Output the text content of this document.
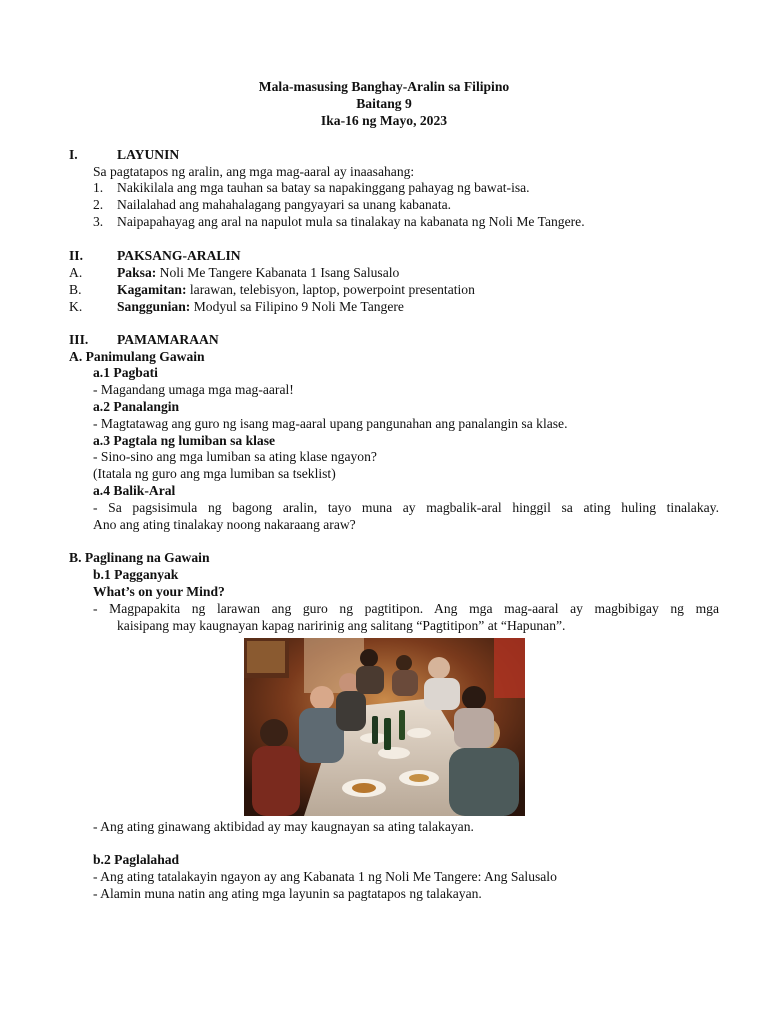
Mala-masusing Banghay-Aralin sa Filipino
Baitang 9
Ika-16 ng Mayo, 2023
I.	LAYUNIN
Sa pagtatapos ng aralin, ang mga mag-aaral ay inaasahang:
1. Nakikilala ang mga tauhan sa batay sa napakinggang pahayag ng bawat-isa.
2. Nailalahad ang mahahalagang pangyayari sa unang kabanata.
3. Naipapahayag ang aral na napulot mula sa tinalakay na kabanata ng Noli Me Tangere.
II.	PAKSANG-ARALIN
A.	Paksa: Noli Me Tangere Kabanata 1 Isang Salusalo
B.	Kagamitan: larawan, telebisyon, laptop, powerpoint presentation
K.	Sanggunian: Modyul sa Filipino 9 Noli Me Tangere
III. PAMAMARAAN
A. Panimulang Gawain
a.1 Pagbati
- Magandang umaga mga mag-aaral!
a.2 Panalangin
- Magtatawag ang guro ng isang mag-aaral upang pangunahan ang panalangin sa klase.
a.3 Pagtala ng lumiban sa klase
- Sino-sino ang mga lumiban sa ating klase ngayon?
(Itatala ng guro ang mga lumiban sa tseklist)
a.4 Balik-Aral
- Sa pagsisimula ng bagong aralin, tayo muna ay magbalik-aral hinggil sa ating huling tinalakay.
Ano ang ating tinalakay noong nakaraang araw?
B. Paglinang na Gawain
b.1 Pagganyak
What’s on your Mind?
- Magpapakita ng larawan ang guro ng pagtitipon. Ang mga mag-aaral ay magbibigay ng mga
kaisipang may kaugnayan kapag naririnig ang salitang “Pagtitipon” at “Hapunan”.
- Ang ating ginawang aktibidad ay may kaugnayan sa ating talakayan.
b.2 Paglalahad
- Ang ating tatalakayin ngayon ay ang Kabanata 1 ng Noli Me Tangere: Ang Salusalo
- Alamin muna natin ang ating mga layunin sa pagtatapos ng talakayan.
